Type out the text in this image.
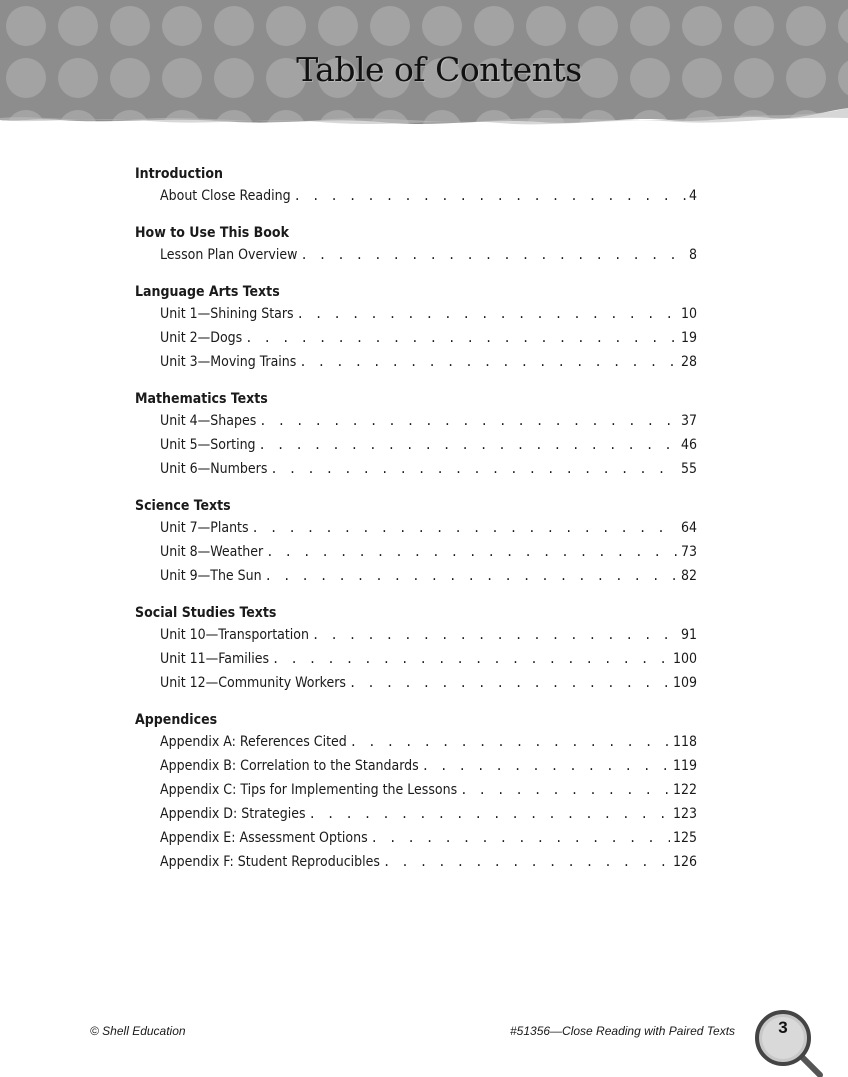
Table of Contents
Introduction
About Close Reading . . .	4
How to Use This Book
Lesson Plan Overview . . .	8
Language Arts Texts
Unit 1—Shining Stars . . .	10
Unit 2—Dogs . . .	19
Unit 3—Moving Trains . . .	28
Mathematics Texts
Unit 4—Shapes . . .	37
Unit 5—Sorting . . .	46
Unit 6—Numbers . . .	55
Science Texts
Unit 7—Plants . . .	64
Unit 8—Weather . . .	73
Unit 9—The Sun . . .	82
Social Studies Texts
Unit 10—Transportation . . .	91
Unit 11—Families . . .	100
Unit 12—Community Workers . . .	109
Appendices
Appendix A: References Cited . . .	118
Appendix B: Correlation to the Standards . . .	119
Appendix C: Tips for Implementing the Lessons . . .	122
Appendix D: Strategies . . .	123
Appendix E: Assessment Options . . .	125
Appendix F: Student Reproducibles . . .	126
© Shell Education	#51356—Close Reading with Paired Texts	3
